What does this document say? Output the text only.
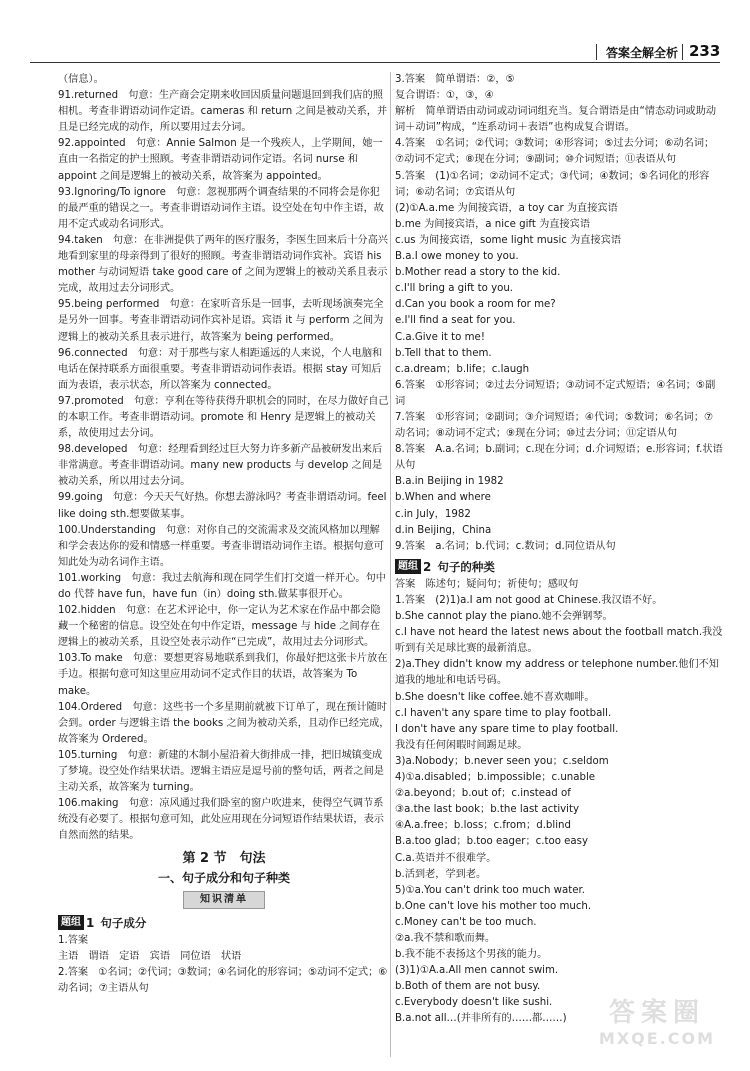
答案全解全析 233

（信息）。

91.returned　句意：生产商会定期来收回因质量问题退回到我们店的照相机。考查非谓语动词作定语。cameras 和 return 之间是被动关系，并且是已经完成的动作，所以要用过去分词。

92.appointed　句意：Annie Salmon 是一个残疾人，上学期间，她一直由一名指定的护士照顾。考查非谓语动词作定语。名词 nurse 和 appoint 之间是逻辑上的被动关系，故答案为 appointed。

93.Ignoring/To ignore　句意：忽视那两个调查结果的不同将会是你犯的最严重的错误之一。考查非谓语动词作主语。设空处在句中作主语，故用不定式或动名词形式。

94.taken　句意：在非洲提供了两年的医疗服务，李医生回来后十分高兴地看到家里的母亲得到了很好的照顾。考查非谓语动词作宾补。宾语 his mother 与动词短语 take good care of 之间为逻辑上的被动关系且表示完成，故用过去分词形式。

95.being performed　句意：在家听音乐是一回事，去听现场演奏完全是另外一回事。考查非谓语动词作宾补足语。宾语 it 与 perform 之间为逻辑上的被动关系且表示进行，故答案为 being performed。

96.connected　句意：对于那些与家人相距遥远的人来说，个人电脑和电话在保持联系方面很重要。考查非谓语动词作表语。根据 stay 可知后面为表语，表示状态，所以答案为 connected。

97.promoted　句意：亨利在等待获得升职机会的同时，在尽力做好自己的本职工作。考查非谓语动词。promote 和 Henry 是逻辑上的被动关系，故使用过去分词。

98.developed　句意：经理看到经过巨大努力许多新产品被研发出来后非常满意。考查非谓语动词。many new products 与 develop 之间是被动关系，所以用过去分词。

99.going　句意：今天天气好热。你想去游泳吗？考查非谓语动词。feel like doing sth.想要做某事。

100.Understanding　句意：对你自己的交流需求及交流风格加以理解和学会表达你的爱和情感一样重要。考查非谓语动词作主语。根据句意可知此处为动名词作主语。

101.working　句意：我过去航海和现在同学生们打交道一样开心。句中 do 代替 have fun，have fun（in）doing sth.做某事很开心。

102.hidden　句意：在艺术评论中，你一定认为艺术家在作品中都会隐藏一个秘密的信息。设空处在句中作定语，message 与 hide 之间存在逻辑上的被动关系，且设空处表示动作“已完成”，故用过去分词形式。

103.To make　句意：要想更容易地联系到我们，你最好把这张卡片放在手边。根据句意可知这里应用动词不定式作目的状语，故答案为 To make。

104.Ordered　句意：这些书一个多星期前就被下订单了，现在预计随时会到。order 与逻辑主语 the books 之间为被动关系，且动作已经完成，故答案为 Ordered。

105.turning　句意：新建的木制小屋沿着大街排成一排，把旧城镇变成了梦境。设空处作结果状语。逻辑主语应是逗号前的整句话，两者之间是主动关系，故答案为 turning。

106.making　句意：凉风通过我们卧室的窗户吹进来，使得空气调节系统没有必要了。根据句意可知，此处应用现在分词短语作结果状语，表示自然而然的结果。

第 2 节　句法

一、句子成分和句子种类

知识清单
题组 1 句子成分

1.答案

主语　谓语　定语　宾语　同位语　状语

2.答案　①名词；②代词；③数词；④名词化的形容词；⑤动词不定式；⑥动名词；⑦主语从句

3.答案　简单谓语：②，⑤

复合谓语：①，③，④

解析　简单谓语由动词或动词词组充当。复合谓语是由“情态动词或助动词＋动词”构成，“连系动词＋表语”也构成复合谓语。

4.答案　①名词；②代词；③数词；④形容词；⑤过去分词；⑥动名词；⑦动词不定式；⑧现在分词；⑨副词；⑩介词短语；⑪表语从句

5.答案　(1)①名词；②动词不定式；③代词；④数词；⑤名词化的形容词；⑥动名词；⑦宾语从句

(2)①A.a.me 为间接宾语，a toy car 为直接宾语

b.me 为间接宾语，a nice gift 为直接宾语

c.us 为间接宾语，some light music 为直接宾语

B.a.I owe money to you.

b.Mother read a story to the kid.

c.I'll bring a gift to you.

d.Can you book a room for me?

e.I'll find a seat for you.

C.a.Give it to me!

b.Tell that to them.

c.a.dream；b.life；c.laugh

6.答案　①形容词；②过去分词短语；③动词不定式短语；④名词；⑤副词

7.答案　①形容词；②副词；③介词短语；④代词；⑤数词；⑥名词；⑦动名词；⑧动词不定式；⑨现在分词；⑩过去分词；⑪定语从句

8.答案　A.a.名词；b.副词；c.现在分词；d.介词短语；e.形容词；f.状语从句

B.a.in Beijing in 1982

b.When and where

c.in July，1982

d.in Beijing，China

9.答案　a.名词；b.代词；c.数词；d.同位语从句

题组 2 句子的种类

答案　陈述句；疑问句；祈使句；感叹句

1.答案　(2)1)a.I am not good at Chinese.我汉语不好。

b.She cannot play the piano.她不会弹钢琴。

c.I have not heard the latest news about the football match.我没听到有关足球比赛的最新消息。

2)a.They didn't know my address or telephone number.他们不知道我的地址和电话号码。

b.She doesn't like coffee.她不喜欢咖啡。

c.I haven't any spare time to play football.

I don't have any spare time to play football.

我没有任何闲暇时间踢足球。

3)a.Nobody；b.never seen you；c.seldom

4)①a.disabled；b.impossible；c.unable

②a.beyond；b.out of；c.instead of

③a.the last book；b.the last activity

④A.a.free；b.loss；c.from；d.blind

B.a.too glad；b.too eager；c.too easy

C.a.英语并不很难学。

b.活到老，学到老。

5)①a.You can't drink too much water.

b.One can't love his mother too much.

c.Money can't be too much.

②a.我不禁和歌而舞。

b.我不能不表扬这个男孩的能力。

(3)1)①A.a.All men cannot swim.

b.Both of them are not busy.

c.Everybody doesn't like sushi.

B.a.not all…(并非所有的……都……)	答案圈
MXQE.COM
